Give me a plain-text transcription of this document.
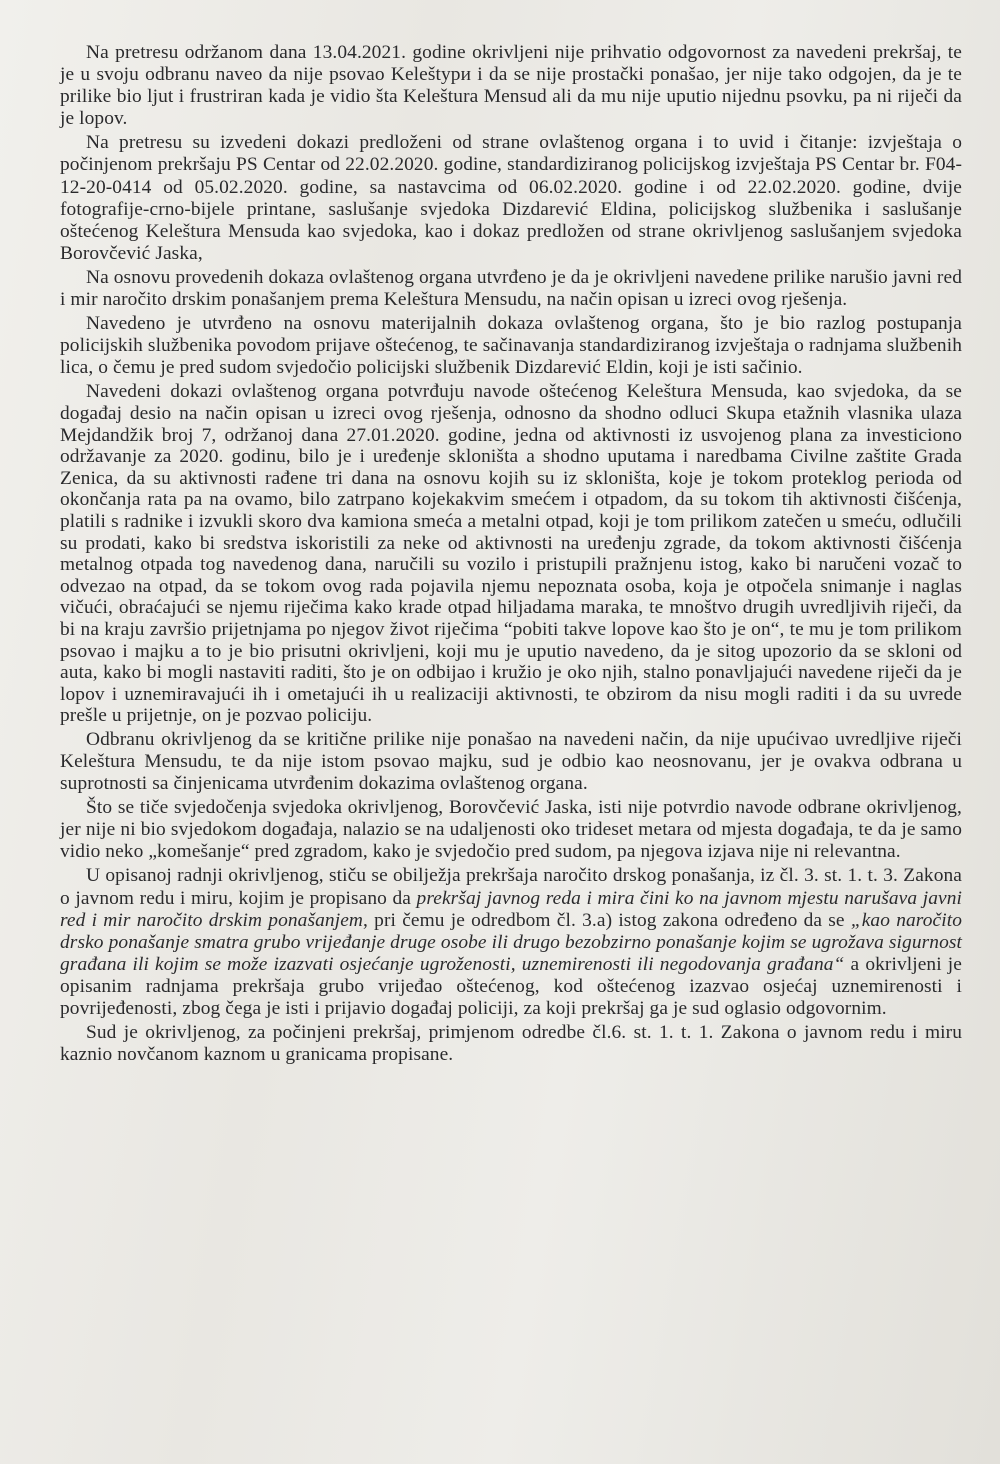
Na pretresu održanom dana 13.04.2021. godine okrivljeni nije prihvatio odgovornost za navedeni prekršaj, te je u svoju odbranu naveo da nije psovao Keleštури i da se nije prostački ponašao, jer nije tako odgojen, da je te prilike bio ljut i frustriran kada je vidio šta Keleštura Mensud ali da mu nije uputio nijednu psovku, pa ni riječi da je lopov.

Na pretresu su izvedeni dokazi predloženi od strane ovlaštenog organa i to uvid i čitanje: izvještaja o počinjenom prekršaju PS Centar od 22.02.2020. godine, standardiziranog policijskog izvještaja PS Centar br. F04-12-20-0414 od 05.02.2020. godine, sa nastavcima od 06.02.2020. godine i od 22.02.2020. godine, dvije fotografije-crno-bijele printane, saslušanje svjedoka Dizdarević Eldina, policijskog službenika i saslušanje oštećenog Keleštura Mensuda kao svjedoka, kao i dokaz predložen od strane okrivljenog saslušanjem svjedoka Borovčević Jaska,

Na osnovu provedenih dokaza ovlaštenog organa utvrđeno je da je okrivljeni navedene prilike narušio javni red i mir naročito drskim ponašanjem prema Keleštura Mensudu, na način opisan u izreci ovog rješenja.

Navedeno je utvrđeno na osnovu materijalnih dokaza ovlaštenog organa, što je bio razlog postupanja policijskih službenika povodom prijave oštećenog, te sačinavanja standardiziranog izvještaja o radnjama službenih lica, o čemu je pred sudom svjedočio policijski službenik Dizdarević Eldin, koji je isti sačinio.

Navedeni dokazi ovlaštenog organa potvrđuju navode oštećenog Keleštura Mensuda, kao svjedoka, da se događaj desio na način opisan u izreci ovog rješenja, odnosno da shodno odluci Skupa etažnih vlasnika ulaza Mejdandžik broj 7, održanoj dana 27.01.2020. godine, jedna od aktivnosti iz usvojenog plana za investiciono održavanje za 2020. godinu, bilo je i uređenje skloništa a shodno uputama i naredbama Civilne zaštite Grada Zenica, da su aktivnosti rađene tri dana na osnovu kojih su iz skloništa, koje je tokom proteklog perioda od okončanja rata pa na ovamo, bilo zatrpano kojekakvim smećem i otpadom, da su tokom tih aktivnosti čišćenja, platili s radnike i izvukli skoro dva kamiona smeća a metalni otpad, koji je tom prilikom zatečen u smeću, odlučili su prodati, kako bi sredstva iskoristili za neke od aktivnosti na uređenju zgrade, da tokom aktivnosti čišćenja metalnog otpada tog navedenog dana, naručili su vozilo i pristupili pražnjenu istog, kako bi naručeni vozač to odvezao na otpad, da se tokom ovog rada pojavila njemu nepoznata osoba, koja je otpočela snimanje i naglas vičući, obraćajući se njemu riječima kako krade otpad hiljadama maraka, te mnoštvo drugih uvredljivih riječi, da bi na kraju završio prijetnjama po njegov život riječima “pobiti takve lopove kao što je on“, te mu je tom prilikom psovao i majku a to je bio prisutni okrivljeni, koji mu je uputio navedeno, da je sitog upozorio da se skloni od auta, kako bi mogli nastaviti raditi, što je on odbijao i kružio je oko njih, stalno ponavljajući navedene riječi da je lopov i uznemiravajući ih i ometajući ih u realizaciji aktivnosti, te obzirom da nisu mogli raditi i da su uvrede prešle u prijetnje, on je pozvao policiju.

Odbranu okrivljenog da se kritične prilike nije ponašao na navedeni način, da nije upućivao uvredljive riječi Keleštura Mensudu, te da nije istom psovao majku, sud je odbio kao neosnovanu, jer je ovakva odbrana u suprotnosti sa činjenicama utvrđenim dokazima ovlaštenog organa.

Što se tiče svjedočenja svjedoka okrivljenog, Borovčević Jaska, isti nije potvrdio navode odbrane okrivljenog, jer nije ni bio svjedokom događaja, nalazio se na udaljenosti oko trideset metara od mjesta događaja, te da je samo vidio neko „komešanje“ pred zgradom, kako je svjedočio pred sudom, pa njegova izjava nije ni relevantna.

U opisanoj radnji okrivljenog, stiču se obilježja prekršaja naročito drskog ponašanja, iz čl. 3. st. 1. t. 3. Zakona o javnom redu i miru, kojim je propisano da prekršaj javnog reda i mira čini ko na javnom mjestu narušava javni red i mir naročito drskim ponašanjem, pri čemu je odredbom čl. 3.a) istog zakona određeno da se „kao naročito drsko ponašanje smatra grubo vrijeđanje druge osobe ili drugo bezobzirno ponašanje kojim se ugrožava sigurnost građana ili kojim se može izazvati osjećanje ugroženosti, uznemirenosti ili negodovanja građana“ a okrivljeni je opisanim radnjama prekršaja grubo vrijeđao oštećenog, kod oštećenog izazvao osjećaj uznemirenosti i povrijeđenosti, zbog čega je isti i prijavio događaj policiji, za koji prekršaj ga je sud oglasio odgovornim.

Sud je okrivljenog, za počinjeni prekršaj, primjenom odredbe čl.6. st. 1. t. 1. Zakona o javnom redu i miru kaznio novčanom kaznom u granicama propisane.
